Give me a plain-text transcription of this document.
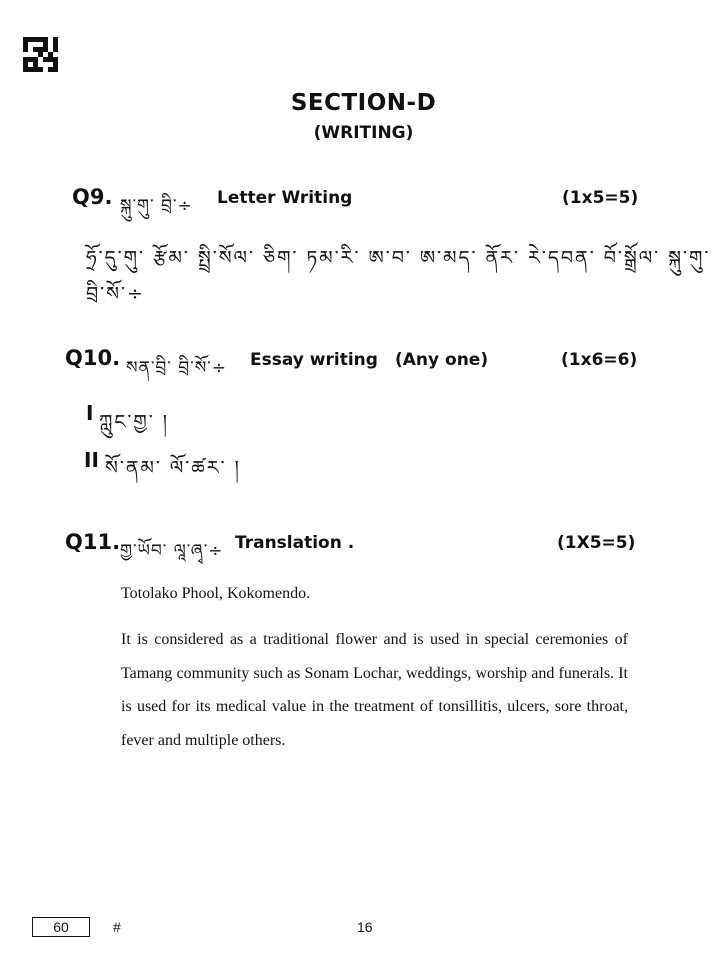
SECTION-D
(WRITING)
Q9. སྐུ་གུ་ བྲི་÷ Letter Writing	(1x5=5)
ཧྲོ་དུ་གུ་ རྩོམ་ སྤྲི་སོལ་ ཅིག་ ཏམ་རི་ ཨ་བ་ ཨ་མད་ ནོར་ རེ་དབན་ བོ་སྒྲོལ་ སྐུ་གུ་
བྲི་སོ་÷
Q10. སན་བྲི་ བྲི་སོ་÷ Essay writing (Any one)	(1x6=6)
I ཀླུང་གྱ་ །
II སོ་ནམ་ ལོ་ཚར་ །
Q11. གྱ་ཡོབ་ ལཱ་ཞྭ་÷ Translation .	(1X5=5)
Totolako Phool, Kokomendo.
It is considered as a traditional flower and is used in special ceremonies of Tamang community such as Sonam Lochar, weddings, worship and funerals. It is used for its medical value in the treatment of tonsillitis, ulcers, sore throat, fever and multiple others.
60	#	16
